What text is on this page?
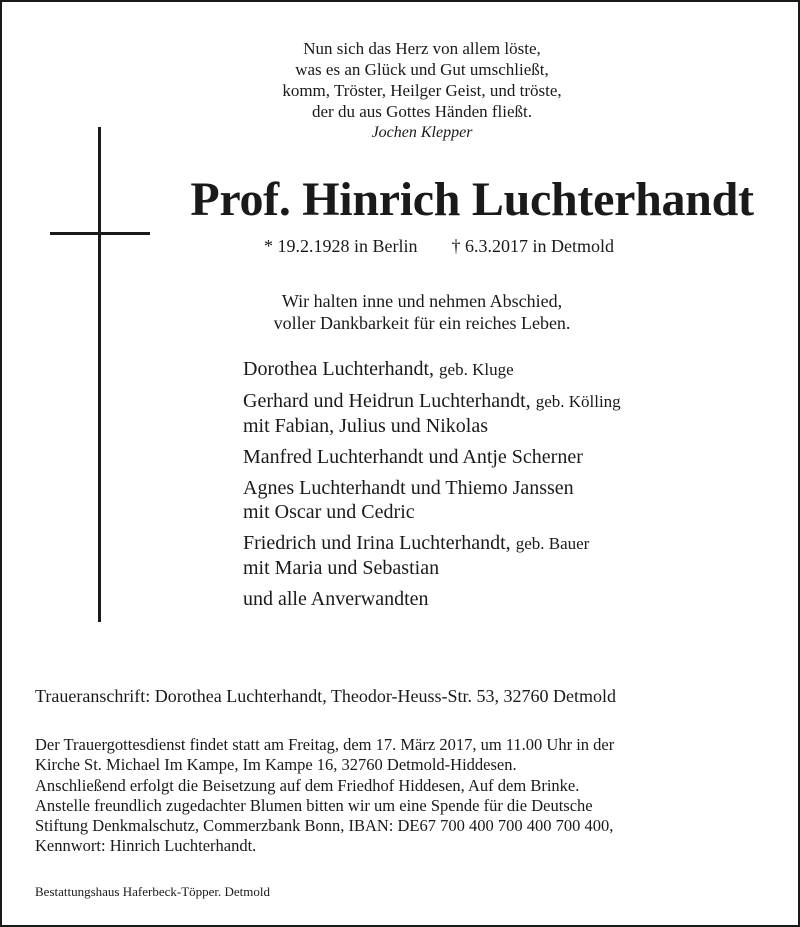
Nun sich das Herz von allem löste,
was es an Glück und Gut umschließt,
komm, Tröster, Heilger Geist, und tröste,
der du aus Gottes Händen fließt.
Jochen Klepper
Prof. Hinrich Luchterhandt
* 19.2.1928 in Berlin † 6.3.2017 in Detmold
Wir halten inne und nehmen Abschied,
voller Dankbarkeit für ein reiches Leben.
Dorothea Luchterhandt, geb. Kluge
Gerhard und Heidrun Luchterhandt, geb. Kölling
mit Fabian, Julius und Nikolas
Manfred Luchterhandt und Antje Scherner
Agnes Luchterhandt und Thiemo Janssen
mit Oscar und Cedric
Friedrich und Irina Luchterhandt, geb. Bauer
mit Maria und Sebastian
und alle Anverwandten
Traueranschrift: Dorothea Luchterhandt, Theodor-Heuss-Str. 53, 32760 Detmold
Der Trauergottesdienst findet statt am Freitag, dem 17. März 2017, um 11.00 Uhr in der
Kirche St. Michael Im Kampe, Im Kampe 16, 32760 Detmold-Hiddesen.
Anschließend erfolgt die Beisetzung auf dem Friedhof Hiddesen, Auf dem Brinke.
Anstelle freundlich zugedachter Blumen bitten wir um eine Spende für die Deutsche
Stiftung Denkmalschutz, Commerzbank Bonn, IBAN: DE67 700 400 700 400 700 400,
Kennwort: Hinrich Luchterhandt.
Bestattungshaus Haferbeck-Töpper. Detmold
